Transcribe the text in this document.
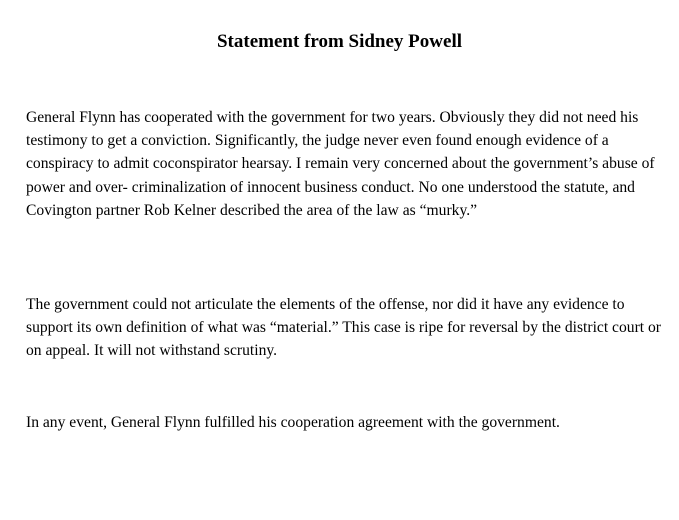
Statement from Sidney Powell

General Flynn has cooperated with the government for two years. Obviously they did not need his testimony to get a conviction. Significantly, the judge never even found enough evidence of a conspiracy to admit coconspirator hearsay. I remain very concerned about the government’s abuse of power and over- criminalization of innocent business conduct. No one understood the statute, and Covington partner Rob Kelner described the area of the law as “murky.”

The government could not articulate the elements of the offense, nor did it have any evidence to support its own definition of what was “material.” This case is ripe for reversal by the district court or on appeal. It will not withstand scrutiny.

In any event, General Flynn fulfilled his cooperation agreement with the government.
